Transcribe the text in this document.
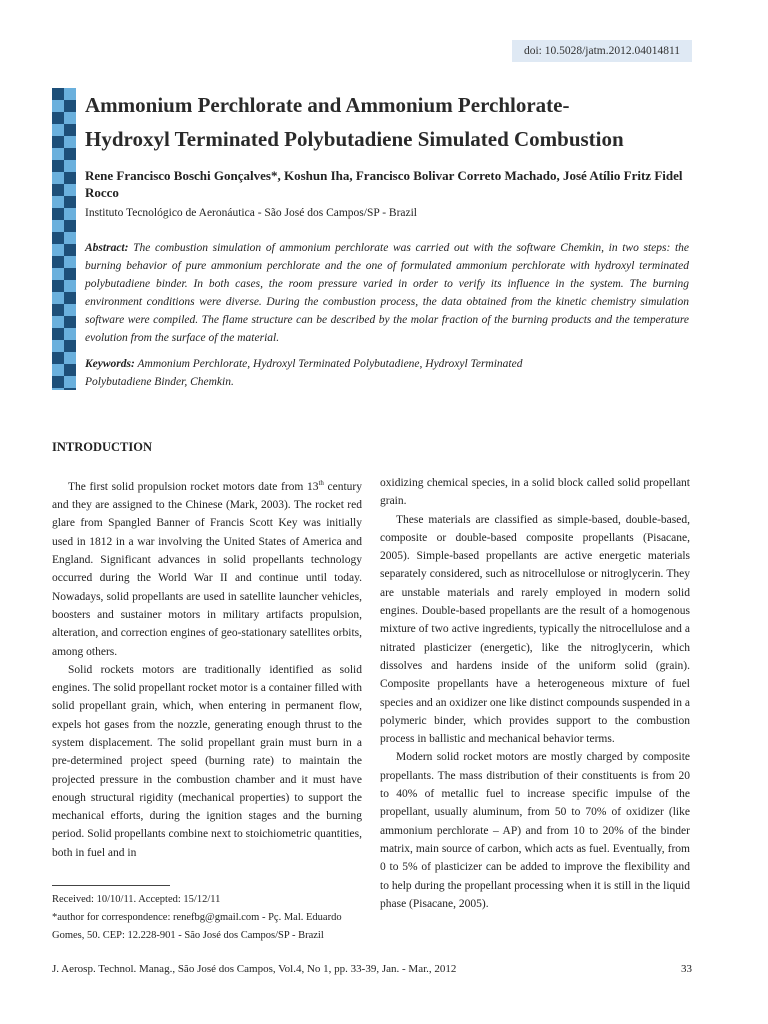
doi: 10.5028/jatm.2012.04014811
Ammonium Perchlorate and Ammonium Perchlorate-
Hydroxyl Terminated Polybutadiene Simulated Combustion

Rene Francisco Boschi Gonçalves*, Koshun Iha, Francisco Bolivar Correto Machado, José Atílio Fritz Fidel Rocco

Instituto Tecnológico de Aeronáutica - São José dos Campos/SP - Brazil

Abstract: The combustion simulation of ammonium perchlorate was carried out with the software Chemkin, in two steps: the burning behavior of pure ammonium perchlorate and the one of formulated ammonium perchlorate with hydroxyl terminated polybutadiene binder. In both cases, the room pressure varied in order to verify its influence in the system. The burning environment conditions were diverse. During the combustion process, the data obtained from the kinetic chemistry simulation software were compiled. The flame structure can be described by the molar fraction of the burning products and the temperature evolution from the surface of the material.

Keywords: Ammonium Perchlorate, Hydroxyl Terminated Polybutadiene, Hydroxyl Terminated Polybutadiene Binder, Chemkin.

INTRODUCTION

The first solid propulsion rocket motors date from 13th century and they are assigned to the Chinese (Mark, 2003). The rocket red glare from Spangled Banner of Francis Scott Key was initially used in 1812 in a war involving the United States of America and England. Significant advances in solid propellants technology occurred during the World War II and continue until today. Nowadays, solid propellants are used in satellite launcher vehicles, boosters and sustainer motors in military artifacts propulsion, alteration, and correction engines of geo-stationary satellites orbits, among others.

Solid rockets motors are traditionally identified as solid engines. The solid propellant rocket motor is a container filled with solid propellant grain, which, when entering in permanent flow, expels hot gases from the nozzle, generating enough thrust to the system displacement. The solid propellant grain must burn in a pre-determined project speed (burning rate) to maintain the projected pressure in the combustion chamber and it must have enough structural rigidity (mechanical properties) to support the mechanical efforts, during the ignition stages and the burning period. Solid propellants combine next to stoichiometric quantities, both in fuel and in

oxidizing chemical species, in a solid block called solid propellant grain.

These materials are classified as simple-based, double-based, composite or double-based composite propellants (Pisacane, 2005). Simple-based propellants are active energetic materials separately considered, such as nitrocellulose or nitroglycerin. They are unstable materials and rarely employed in modern solid engines. Double-based propellants are the result of a homogenous mixture of two active ingredients, typically the nitrocellulose and a nitrated plasticizer (energetic), like the nitroglycerin, which dissolves and hardens inside of the uniform solid (grain). Composite propellants have a heterogeneous mixture of fuel species and an oxidizer one like distinct compounds suspended in a polymeric binder, which provides support to the combustion process in ballistic and mechanical behavior terms.

Modern solid rocket motors are mostly charged by composite propellants. The mass distribution of their constituents is from 20 to 40% of metallic fuel to increase specific impulse of the propellant, usually aluminum, from 50 to 70% of oxidizer (like ammonium perchlorate – AP) and from 10 to 20% of the binder matrix, main source of carbon, which acts as fuel. Eventually, from 0 to 5% of plasticizer can be added to improve the flexibility and to help during the propellant processing when it is still in the liquid phase (Pisacane, 2005).

Received: 10/10/11. Accepted: 15/12/11
*author for correspondence: renefbg@gmail.com - Pç. Mal. Eduardo Gomes, 50. CEP: 12.228-901 - São José dos Campos/SP - Brazil
J. Aerosp. Technol. Manag., São José dos Campos, Vol.4, No 1, pp. 33-39, Jan. - Mar., 2012	33
